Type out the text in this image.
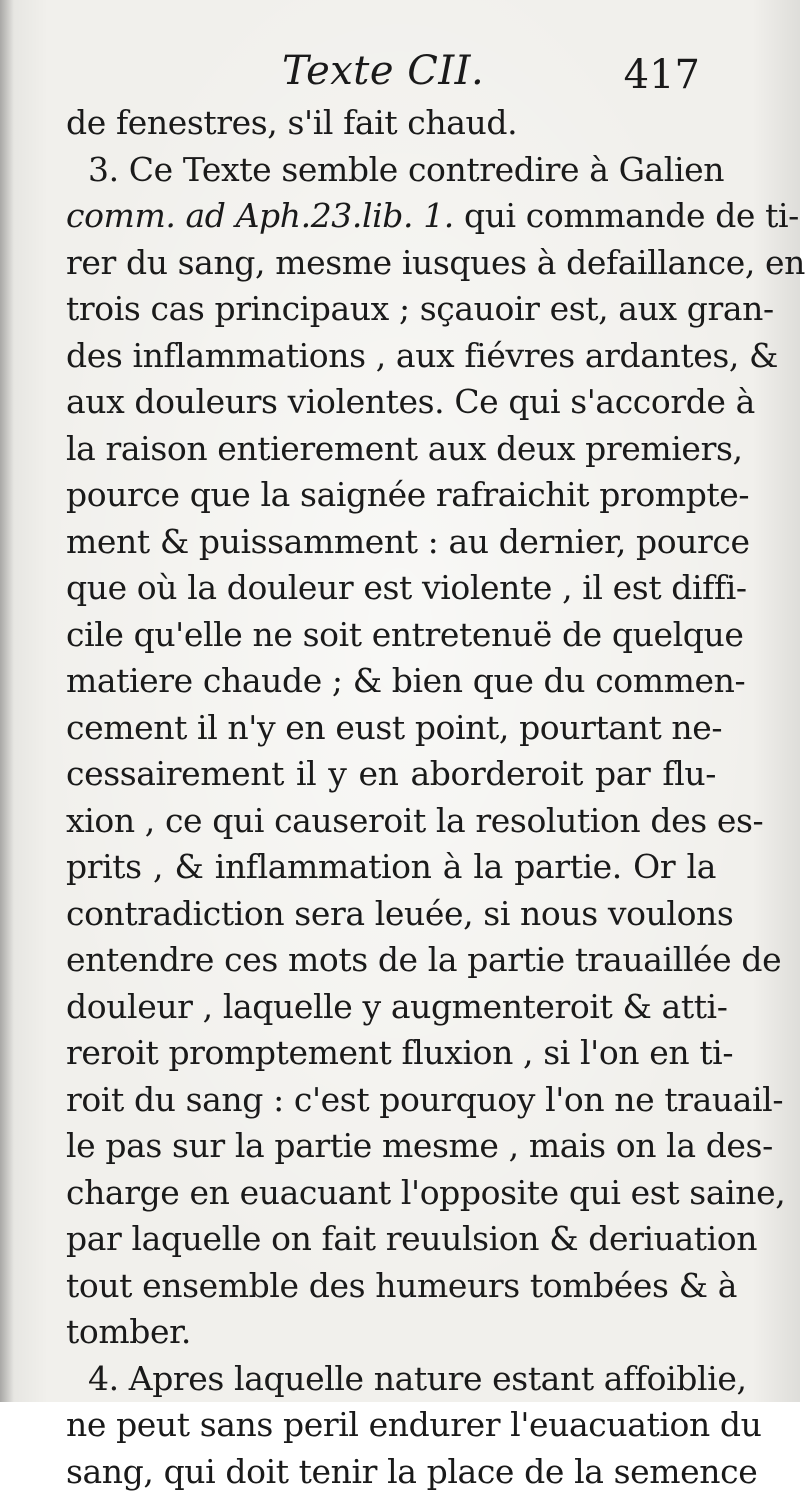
Texte CII.	417
de fenestres, s'il fait chaud.
3. Ce Texte semble contredire à Galien
comm. ad Aph.23.lib. 1. qui commande de ti-
rer du sang, mesme iusques à defaillance, en
trois cas principaux ; sçauoir est, aux gran-
des inflammations , aux fiévres ardantes, &
aux douleurs violentes. Ce qui s'accorde à
la raison entierement aux deux premiers,
pource que la saignée rafraichit prompte-
ment & puissamment : au dernier, pource
que où la douleur est violente , il est diffi-
cile qu'elle ne soit entretenuë de quelque
matiere chaude ; & bien que du commen-
cement il n'y en eust point, pourtant ne-
cessairement il y en aborderoit par flu-
xion , ce qui causeroit la resolution des es-
prits , & inflammation à la partie. Or la
contradiction sera leuée, si nous voulons
entendre ces mots de la partie trauaillée de
douleur , laquelle y augmenteroit & atti-
reroit promptement fluxion , si l'on en ti-
roit du sang : c'est pourquoy l'on ne trauail-
le pas sur la partie mesme , mais on la des-
charge en euacuant l'opposite qui est saine,
par laquelle on fait reuulsion & deriuation
tout ensemble des humeurs tombées & à
tomber.
4. Apres laquelle nature estant affoiblie,
ne peut sans peril endurer l'euacuation du
sang, qui doit tenir la place de la semence
